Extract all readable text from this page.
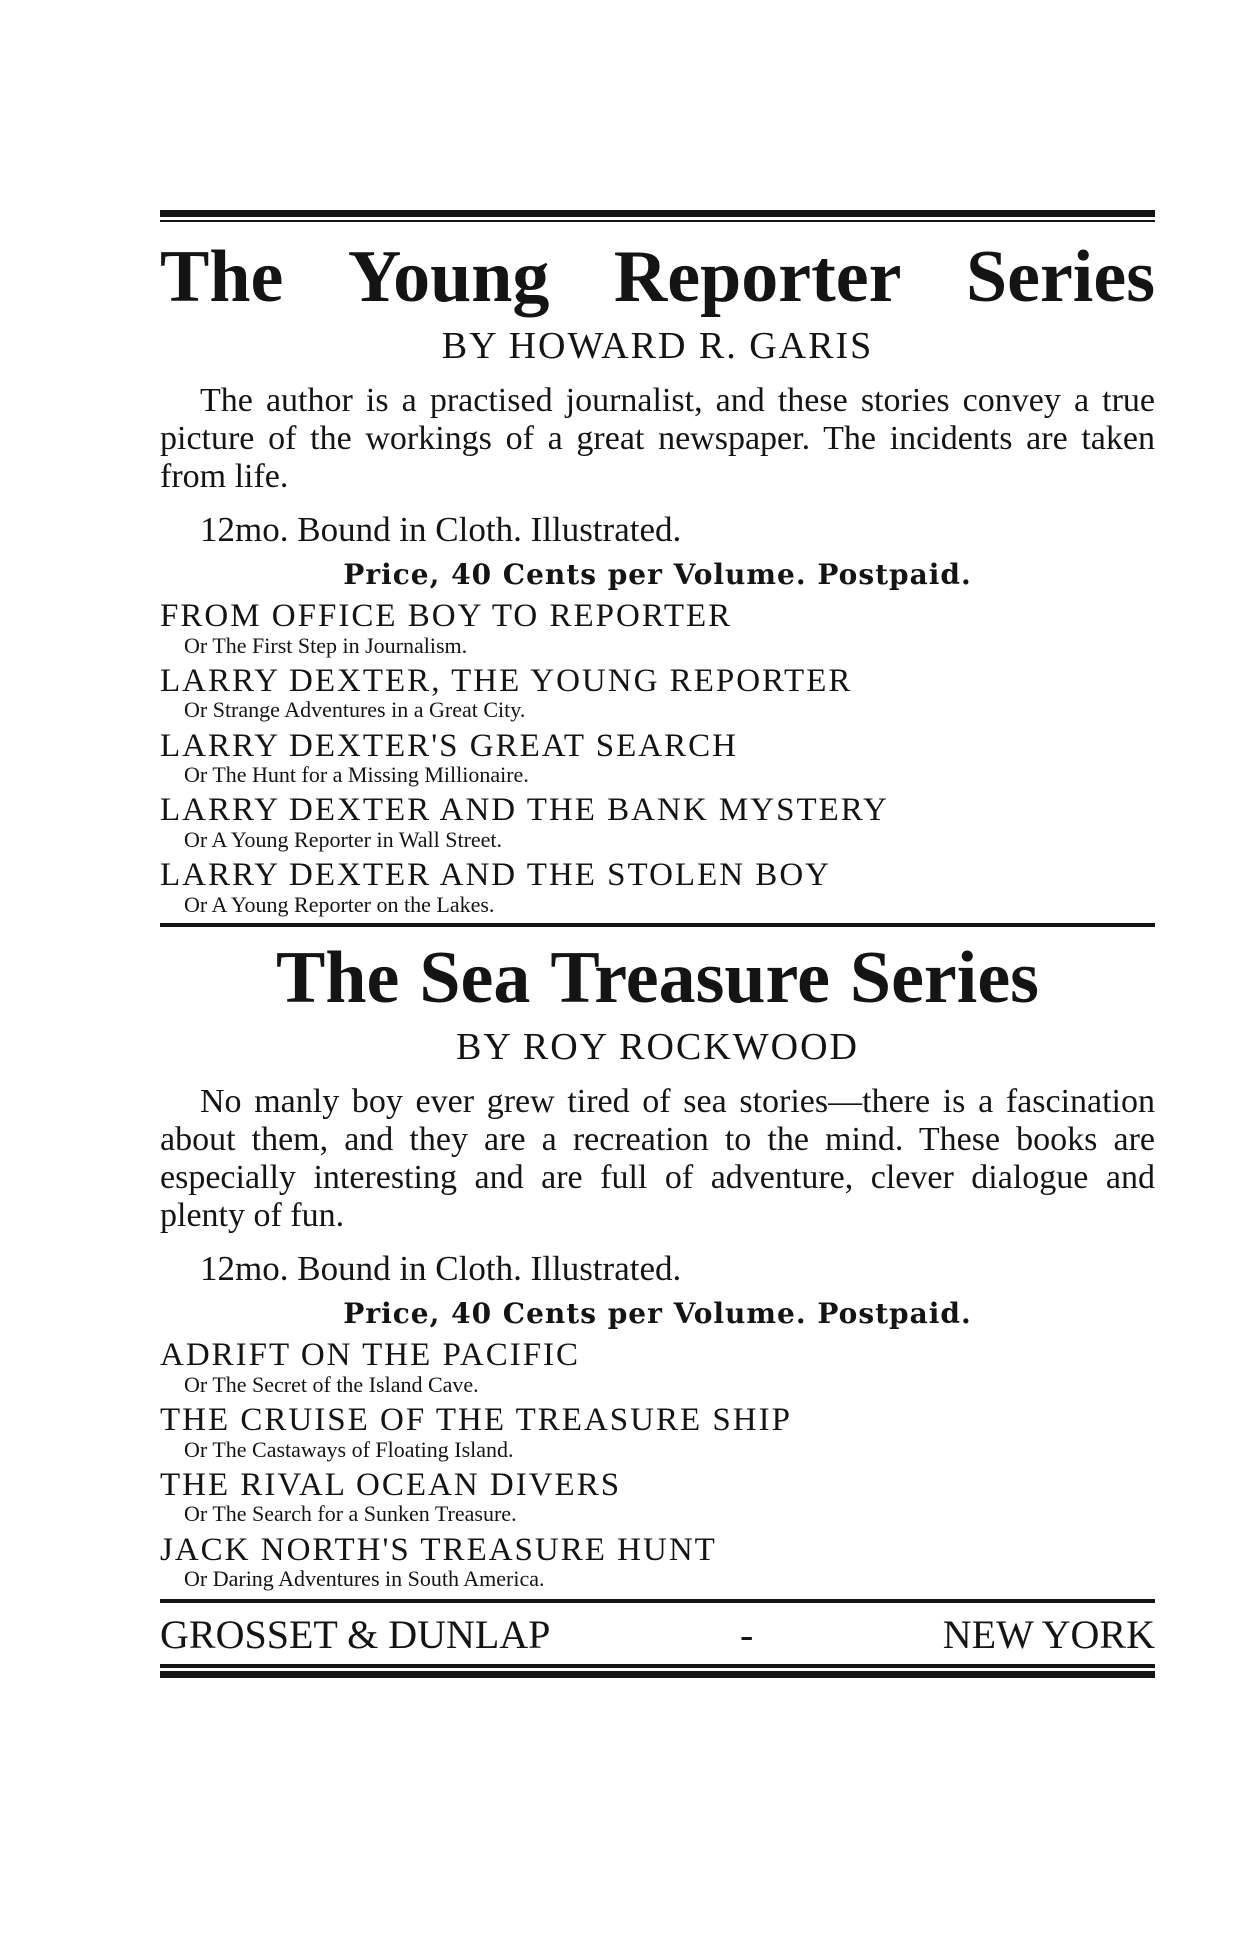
The Young Reporter Series
BY HOWARD R. GARIS

The author is a practised journalist, and these stories convey a true picture of the workings of a great newspaper. The incidents are taken from life.

12mo. Bound in Cloth. Illustrated.
Price, 40 Cents per Volume. Postpaid.
FROM OFFICE BOY TO REPORTER
Or The First Step in Journalism.
LARRY DEXTER, THE YOUNG REPORTER
Or Strange Adventures in a Great City.
LARRY DEXTER'S GREAT SEARCH
Or The Hunt for a Missing Millionaire.
LARRY DEXTER AND THE BANK MYSTERY
Or A Young Reporter in Wall Street.
LARRY DEXTER AND THE STOLEN BOY
Or A Young Reporter on the Lakes.
The Sea Treasure Series
BY ROY ROCKWOOD

No manly boy ever grew tired of sea stories—there is a fascination about them, and they are a recreation to the mind. These books are especially interesting and are full of adventure, clever dialogue and plenty of fun.

12mo. Bound in Cloth. Illustrated.
Price, 40 Cents per Volume. Postpaid.
ADRIFT ON THE PACIFIC
Or The Secret of the Island Cave.
THE CRUISE OF THE TREASURE SHIP
Or The Castaways of Floating Island.
THE RIVAL OCEAN DIVERS
Or The Search for a Sunken Treasure.
JACK NORTH'S TREASURE HUNT
Or Daring Adventures in South America.
GROSSET & DUNLAP	-	NEW YORK
